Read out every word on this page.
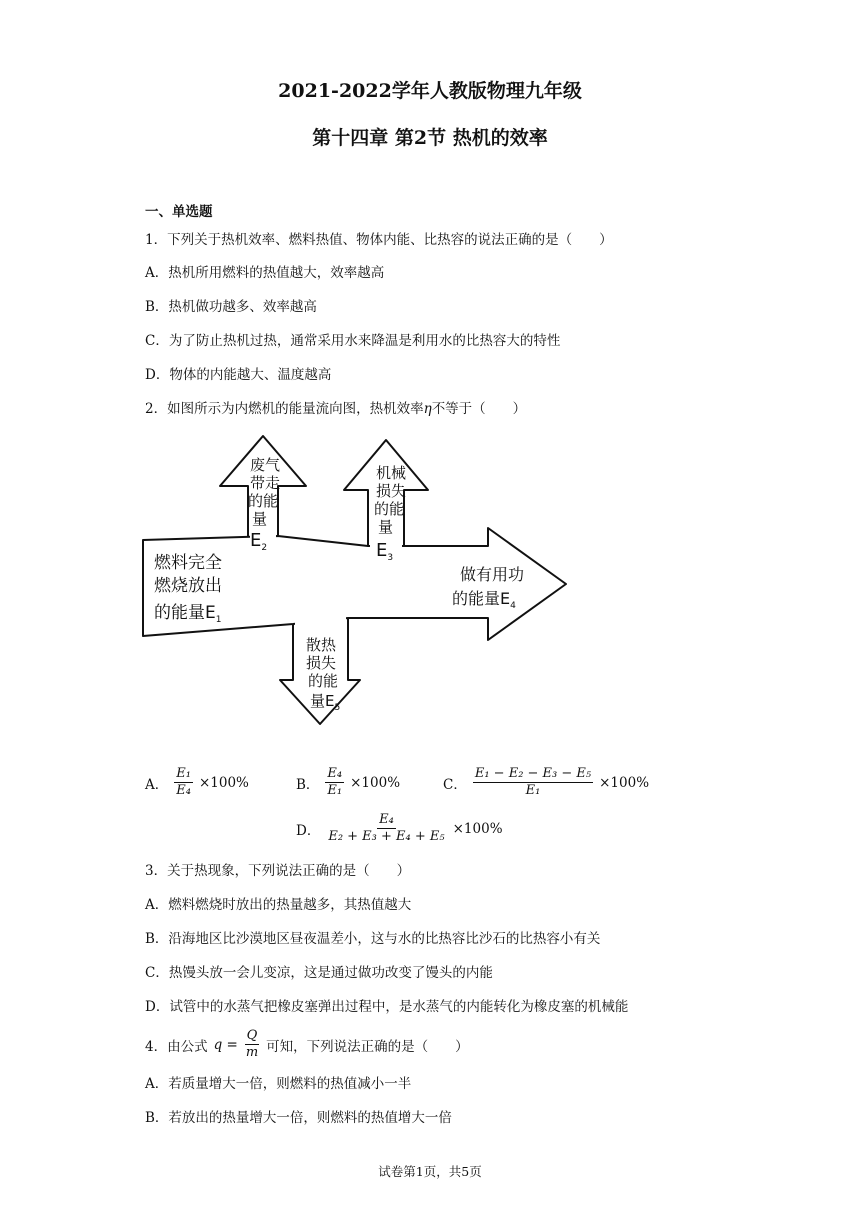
2021-2022学年人教版物理九年级
第十四章 第2节 热机的效率
一、单选题
1．下列关于热机效率、燃料热值、物体内能、比热容的说法正确的是（　　）
A．热机所用燃料的热值越大，效率越高
B．热机做功越多、效率越高
C．为了防止热机过热，通常采用水来降温是利用水的比热容大的特性
D．物体的内能越大、温度越高
2．如图所示为内燃机的能量流向图，热机效率η不等于（　　）
燃料完全
燃烧放出
的能量$E_1$
废气
带走
的能
量
$E_2$
机械
损失
的能
量
$E_3$
做有用功
的能量$E_4$
散热
损失
的能
量$E_5$
A． $\frac{\text{E₁}}{\text{E₄}} \times 100\%$	B． $\frac{\text{E₄}}{\text{E₁}} \times 100\%$	C． $\frac{\text{E₁ − E₂ − E₃ − E₅}}{\text{E₁}} \times 100\%$
D． $\frac{\text{E₄}}{\text{E₂ + E₃ + E₄ + E₅}} \times 100\%$
3．关于热现象，下列说法正确的是（　　）
A．燃料燃烧时放出的热量越多，其热值越大
B．沿海地区比沙漠地区昼夜温差小，这与水的比热容比沙石的比热容小有关
C．热馒头放一会儿变凉，这是通过做功改变了馒头的内能
D．试管中的水蒸气把橡皮塞弹出过程中，是水蒸气的内能转化为橡皮塞的机械能
4．由公式 $q = \frac{Q}{m}$ 可知，下列说法正确的是（　　）
A．若质量增大一倍，则燃料的热值减小一半
B．若放出的热量增大一倍，则燃料的热值增大一倍
试卷第1页，共5页
